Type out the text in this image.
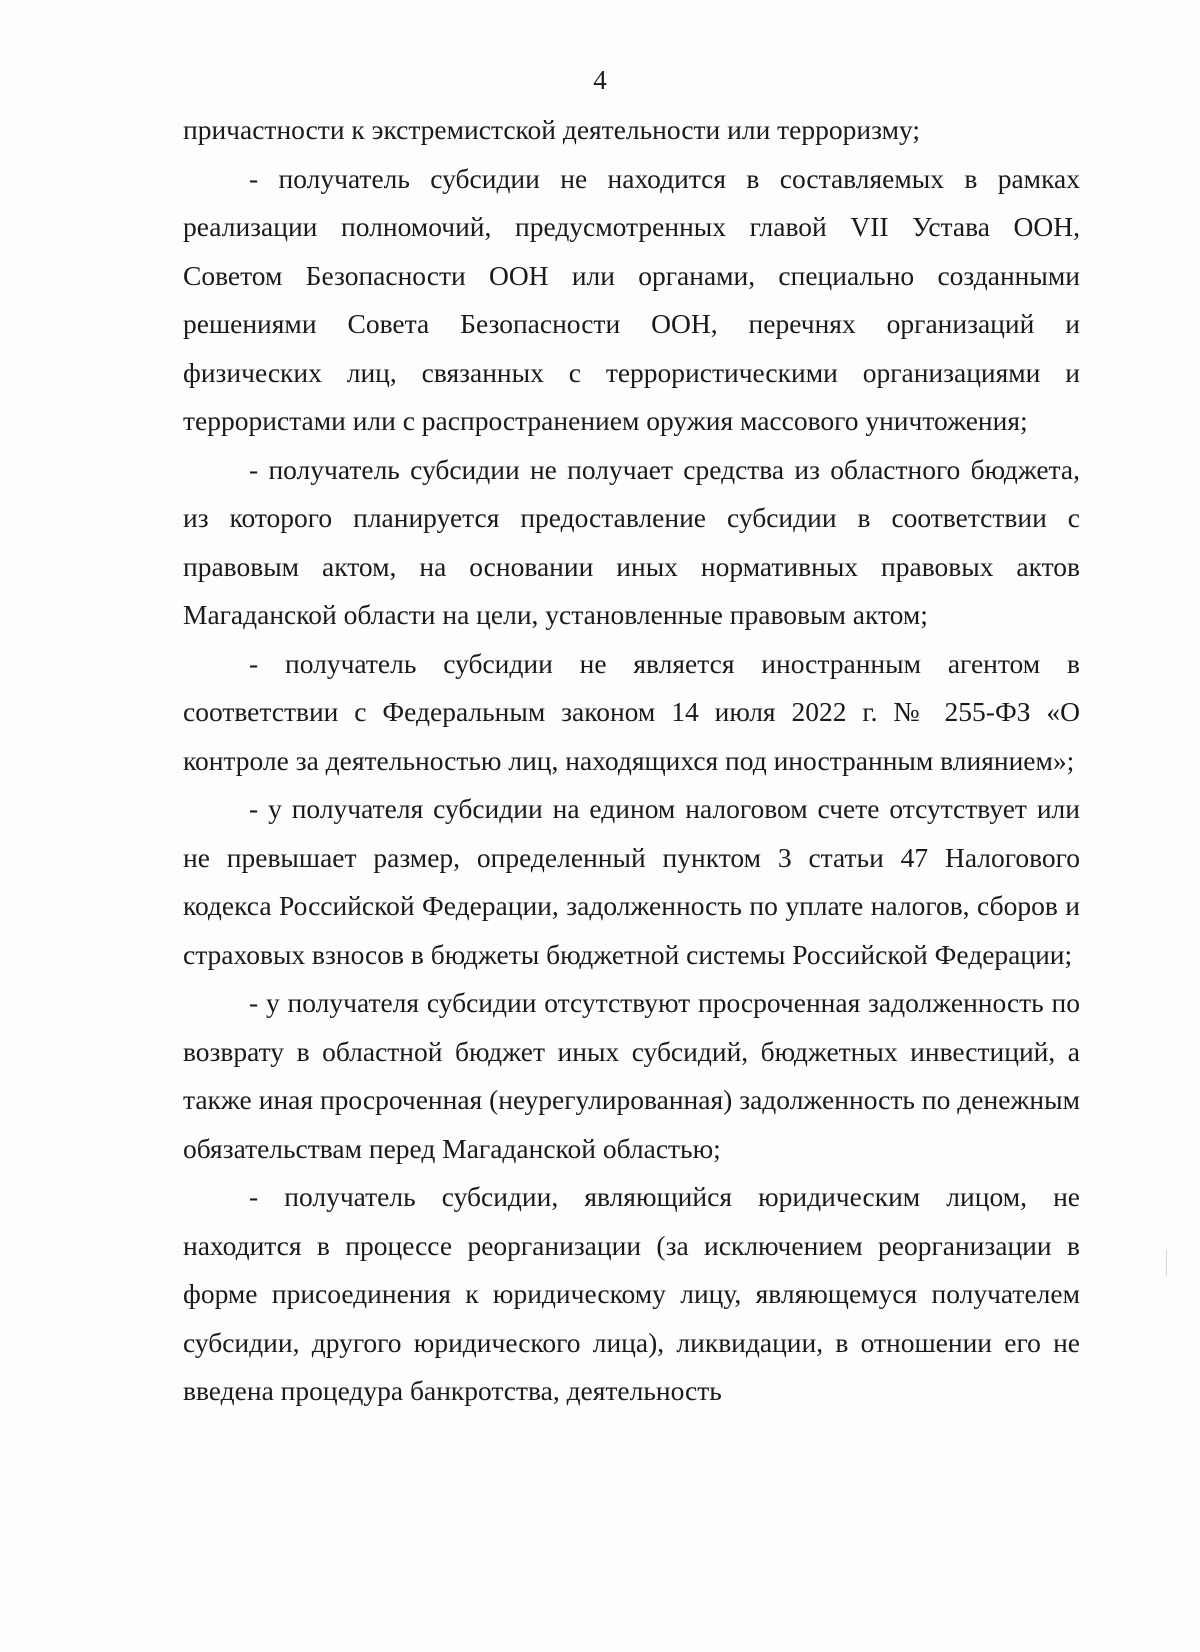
4

причастности к экстремистской деятельности или терроризму;

- получатель субсидии не находится в составляемых в рамках реализации полномочий, предусмотренных главой VII Устава ООН, Советом Безопасности ООН или органами, специально созданными решениями Совета Безопасности ООН, перечнях организаций и физических лиц, связанных с террористическими организациями и террористами или с распространением оружия массового уничтожения;

- получатель субсидии не получает средства из областного бюджета, из которого планируется предоставление субсидии в соответствии с правовым актом, на основании иных нормативных правовых актов Магаданской области на цели, установленные правовым актом;

- получатель субсидии не является иностранным агентом в соответствии с Федеральным законом 14 июля 2022 г. № 255-ФЗ «О контроле за деятельностью лиц, находящихся под иностранным влиянием»;

- у получателя субсидии на едином налоговом счете отсутствует или не превышает размер, определенный пунктом 3 статьи 47 Налогового кодекса Российской Федерации, задолженность по уплате налогов, сборов и страховых взносов в бюджеты бюджетной системы Российской Федерации;

- у получателя субсидии отсутствуют просроченная задолженность по возврату в областной бюджет иных субсидий, бюджетных инвестиций, а также иная просроченная (неурегулированная) задолженность по денежным обязательствам перед Магаданской областью;

- получатель субсидии, являющийся юридическим лицом, не находится в процессе реорганизации (за исключением реорганизации в форме присоединения к юридическому лицу, являющемуся получателем субсидии, другого юридического лица), ликвидации, в отношении его не введена процедура банкротства, деятельность
